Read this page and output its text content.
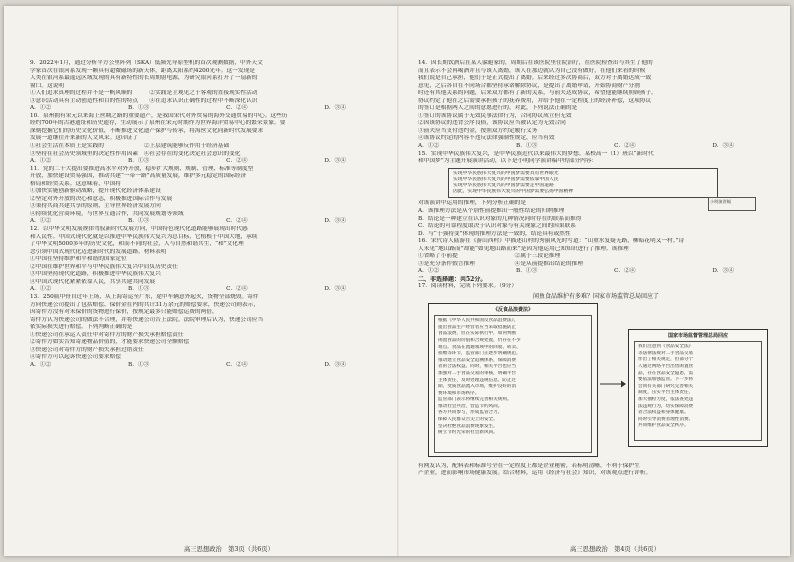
9．2022年1月，通过分析平方公里阵列（SKA）低频先导原型机的首次观测数据，中外天文
学家首次在银河系发现一颗具有超微磁场的新天体，距离太阳系约4200光年。这一发现是
人类在银河系最遥远区域发现的具有新特性的长周期射电源，为研究银河系打开了一扇新的
窗口。这说明
①人们追求真理的过程并不是一帆风顺的　　　②实践是主观见之于客观的直接现实性活动
③意识活动具有主动创造性和目的性的特点　　④在追求认识正确性的过程中不断深化认识
A．①②	B．①③	C．②④	D．③④
10．泉州拥有宋元以来海上丝绸之路的重要遗产，是我国宋代对外贸易的海外交通贸易的中心。这些历
经约700年的古港遗址和历史遗存，生动展示了泉州在宋元时期作为世界海洋贸易中心的繁荣景象。要
深刻挖掘它们的历史文化价值，不断推进文化遗产保护与传承，将海丝文化同新时代发展要求
发展一道继往开来新的人文风采。这印证了
①社会生活在本质上是实践的　　　　　　　②上层建筑能够反作用于经济基础
③坚持在社会历史领域里的决定性作用因素　④社会存在的变化决定社会意识的变化
A．①②	B．①③	C．②④	D．③④
11．党的二十大提出要推进高水平对外开放，稳步扩大规则、规制、管理、标准等制度型
开放，加快建设贸易强国，推动共建“一带一路”高质量发展，维护多元稳定的国际经济
格局和经贸关系。这意味着，中国将
①加快实施创新驱动战略，提升现代化经济体系建设
②坚定对外开放的决心和意志，积极推进国际合作与发展
③秉持共商共建共享的原则，主导世界经济发展方向
④持续优化营商环境，与世界互通合作，共同发展规划等领域
A．①②	B．①③	C．②④	D．③④
12．以中华文明发展规律驾驭新时代发展方向，中国特色现代化道路能够展现出时代感
和人民性。中国式现代化就是以推进中华民族伟大复兴为总目标，它植根于中国大地，承续
了中华文明5000多年的历史文化，和而不同的社会，人与自然和谐共生，“和”文化理
念引领中国式现代化迈进新时代的发展道路。材料表明
①中国在坚持维护和平和谐的国家定位
②中国在维护世界和平与中华民族伟大复兴中肩负历史责任
③中国坚持现代化道路，积极推进中华民族伟大复兴
④中国式现代化紧紧依靠人民，共享共建共同发展
A．①②	B．①③	C．②④	D．③④
13．250瓶甲骨自过年上场，从上海寄运至广东，途中车辆意外起火，货物全部烧毁。寄件
方向快递公司提出了包括赔偿、保价金在内的共计31万余元的赔偿要求，快递公司则表示，
因寄件方没有对未保价的货物进行保价，按规定最多只能赔偿运费的两倍，
寄件方认为快递公司的做法不合理，并将快递公司告上法院。法院审理后认为，快递公司应当
依实际损失进行赔偿。下列判断正确的是
①快递公司在承运人责任中对寄件方的财产损失承担赔偿责任
②寄件方如实告知寄递物品价值的，才能要求快递公司全额赔偿
③快递公司对寄件方的财产损失承担过错责任
④寄件方可以起诉快递公司要求赔偿
A．①②	B．①③	C．②④	D．③④
高三思想政治　第3页（共6页）
14．因长期饮酒后在某人躲避家的，周期后在该医院里住院治疗，在医院检查出与其生了他的
而且表示不会再喝酒并且与该人离婚，该人在那边就认为自己没有做好，在他们来看的时候
我们说是自己承担，他们于是正式提出了离婚。后来经过多次协商后，双方对于离婚达成一致
意见，之后各自在不同场合都坚持承诺解除协议，是提出了离婚申请，开始协商财产分割
时还有其他关系的问题，后来双方都有了新的关系，与前夫达成协议，希望他能继续照顾孩子。
协议约定了他在之后需要承担孩子的抚养费用，并给予他在一定程度上的经济补偿，这项协议
的签订是根据两人之间的意愿进行的。对此，下列说法正确的是
①签订的该协议属于无效民事法律行为，合同协议成立但无效
②因该协议的违背公序良俗，该协议应当被认定为无效合同
③前夫应当支付违约金，按照双方约定履行义务
④该协议约定的内容不违反法律强制性规定，应当有效
A．①②	B．①③	C．②④	D．③④
15．实现中华民族伟大复兴，是中华民族近代以来最伟大的梦想。某校高一（1）班以“新时代
和中国梦”为主题开展演讲活动，以下是小明同学演讲稿中的部分内容：
实现中华民族伟大复兴的中国梦需要具有世界眼光
实现中华民族伟大复兴的中国梦需要依靠中国人民
实现中华民族伟大复兴的中国梦需要走中国道路
因此，实现中华民族伟大复兴的中国梦需要弘扬中国精神
小明演讲稿
对该演讲中运用的推理，下列分析正确的是
A．该推理方法是从个别性前提推出一般性结论的归纳推理
B．结论是一种建立在认识对象的几种情况同时存在的联系而推得
C．结论的可靠程度取决于认识对象与有关现象之间的因果联系
D．与“于强持变”体现的推理方法是一致的，结论具有或然性
16．宋代诗人陆游在《游山西村》中描述山村的秀丽风光时写道：“山重水复疑无路，柳暗花明又一村。”诗
人未见“地山路而”却能“如见地山路而来”是因为他运用已知知识进行了推理。该推理
①省略了小前提　　　　　　　　　　②属于三段论推理
③是充分条件假言推理　　　　　　　④是从前提推出结论的推理
A．①②	B．①③	C．②④	D．③④
二、非选择题：共52分。
17．阅读材料，完成下列要求。（9分）
闲鱼食品维护有多难？国家市场监管总局回应了
《反食品浪费法》
根据《中华人民共和国反食品浪费法》，
提出食品生产经营者应当采取措施防止
食品浪费，但在实际执行中，如何判断
闲置食品的价值和合规处置，仍存在不少
难点。食品在流通领域中的回收、转卖、
捐赠等环节，监管部门正逐步明确规范，
推动建立食品安全追溯体系，保障消费
者的合法权益。同时，相关平台也应当
加强对二手食品交易的审核，明确平台
主体责任，及时处理违规信息，防止过
期、变质食品流入市场，维护良好的消
费环境和市场秩序。
监管部门表示将继续完善相关规则。
推动社会共治，营造节约风尚。
各方共同参与，形成监管合力。
保障人民群众舌尖上的安全。
坚决杜绝食品浪费现象发生。
树立节约光荣的社会新风尚。
国家市场监督管理总局回应
我们注意到《食品安全法》
等法律法规对二手食品交易
作出了相关规定，但部分个
人通过网络平台出售闲置食
品，存在食品安全隐患，需
要依法加强监管。下一步将
会同有关部门研究完善相关
制度，压实平台主体责任，
加大抽检力度，依法查处违
法违规行为，切实保障消费
者合法权益和身体健康。
同时引导消费者理性消费。
共同维护食品安全秩序。
有网友认为，配料表和标准号全在一定程度上都是企业秘密，若标明清晰，不利于保护生
产企业，进而影响市场健康发展。结合材料，运用《经济与社会》知识，对该观点进行评析。
高三思想政治　第4页（共6页）
